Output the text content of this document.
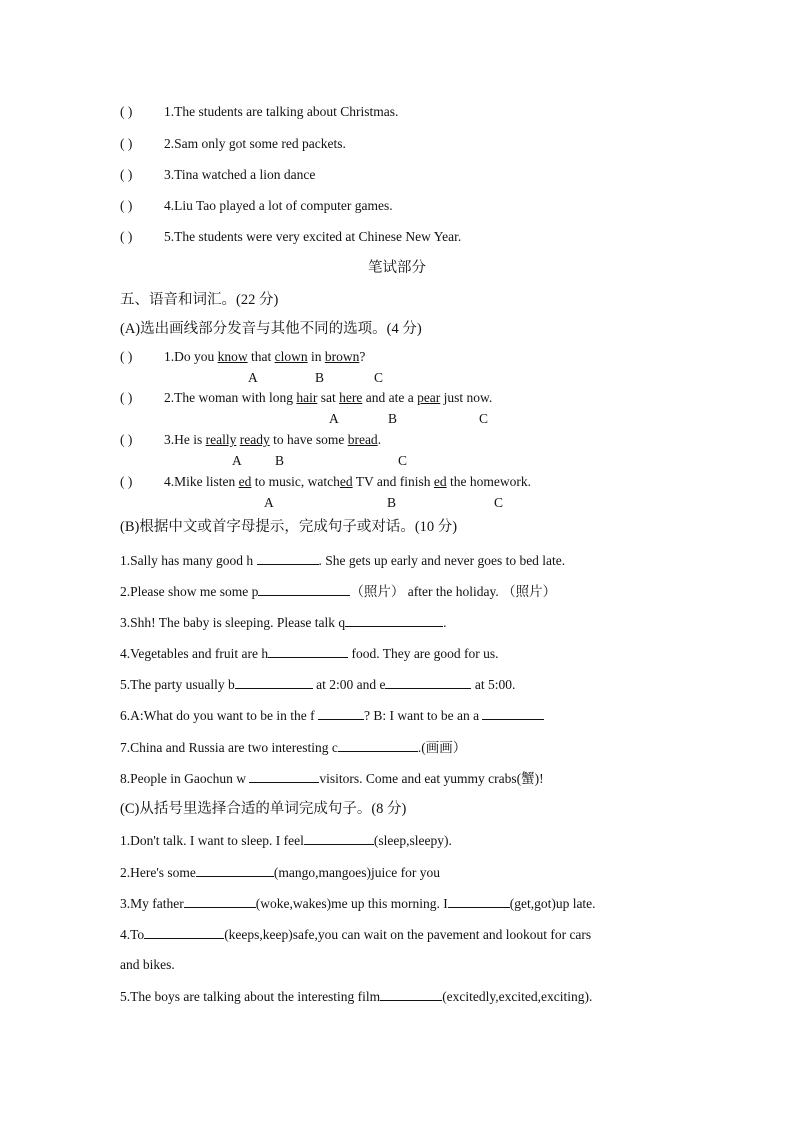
( ) 1.The students are talking about Christmas.
( ) 2.Sam only got some red packets.
( ) 3.Tina watched a lion dance
( ) 4.Liu Tao played a lot of computer games.
( ) 5.The students were very excited at Chinese New Year.
笔试部分
五、语音和词汇。(22 分)
(A)选出画线部分发音与其他不同的选项。(4 分)
( ) 1.Do you know that clown in brown?
A	B	C
( ) 2.The woman with long hair sat here and ate a pear just now.
A	B	C
( ) 3.He is really ready to have some bread.
A B	C
( ) 4.Mike listen ed to music, watched TV and finish ed the homework.
A	B	C
(B)根据中文或首字母提示，完成句子或对话。(10 分)
1.Sally has many good h	. She gets up early and never goes to bed late.
2.Please show me some p	（照片） after the holiday. （照片）
3.Shh! The baby is sleeping. Please talk q	.
4.Vegetables and fruit are h	food. They are good for us.
5.The party usually b	at 2:00 and e	at 5:00.
6.A:What do you want to be in the f	? B: I want to be an a
7.China and Russia are two interesting c	.(画画）
8.People in Gaochun w	visitors. Come and eat yummy crabs(蟹)!
(C)从括号里选择合适的单词完成句子。(8 分)
1.Don't talk. I want to sleep. I feel	(sleep,sleepy).
2.Here's some	(mango,mangoes)juice for you
3.My father	(woke,wakes)me up this morning. I	(get,got)up late.
4.To	(keeps,keep)safe,you can wait on the pavement and lookout for cars
and bikes.
5.The boys are talking about the interesting film	(excitedly,excited,exciting).
